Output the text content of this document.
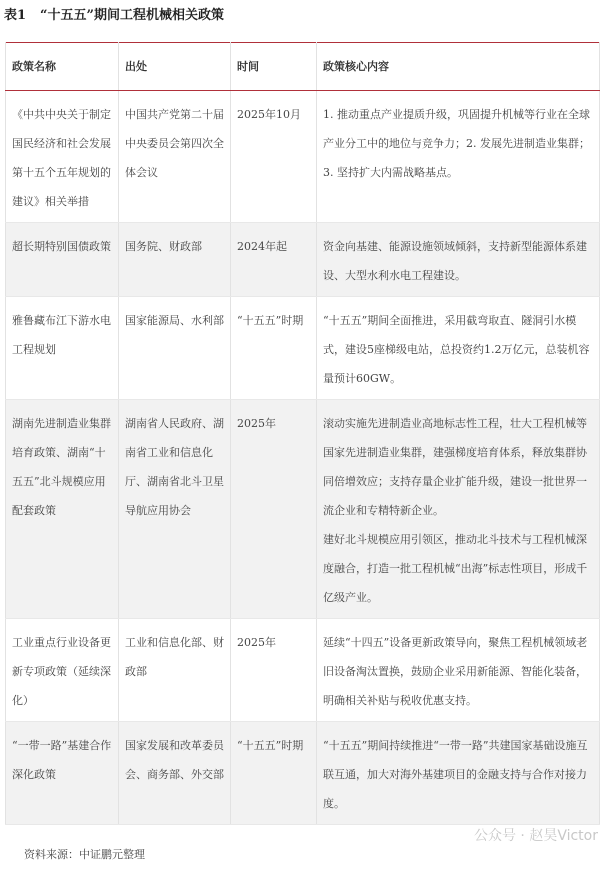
表1 “十五五”期间工程机械相关政策
政策名称	出处	时间	政策核心内容
《中共中央关于制定国民经济和社会发展第十五个五年规划的建议》相关举措	中国共产党第二十届中央委员会第四次全体会议	2025年10月	1. 推动重点产业提质升级，巩固提升机械等行业在全球产业分工中的地位与竞争力；2. 发展先进制造业集群；3. 坚持扩大内需战略基点。
超长期特别国债政策	国务院、财政部	2024年起	资金向基建、能源设施领域倾斜，支持新型能源体系建设、大型水利水电工程建设。
雅鲁藏布江下游水电工程规划	国家能源局、水利部	“十五五”时期	“十五五”期间全面推进，采用截弯取直、隧洞引水模式，建设5座梯级电站，总投资约1.2万亿元，总装机容量预计60GW。
湖南先进制造业集群培育政策、湖南“十五五”北斗规模应用配套政策	湖南省人民政府、湖南省工业和信息化厅、湖南省北斗卫星导航应用协会	2025年	滚动实施先进制造业高地标志性工程，壮大工程机械等国家先进制造业集群，建强梯度培育体系，释放集群协同倍增效应；支持存量企业扩能升级，建设一批世界一流企业和专精特新企业。
建好北斗规模应用引领区，推动北斗技术与工程机械深度融合，打造一批工程机械“出海”标志性项目，形成千亿级产业。

工业重点行业设备更新专项政策（延续深化）	工业和信息化部、财政部	2025年	延续“十四五”设备更新政策导向，聚焦工程机械领域老旧设备淘汰置换，鼓励企业采用新能源、智能化装备，明确相关补贴与税收优惠支持。
“一带一路”基建合作深化政策	国家发展和改革委员会、商务部、外交部	“十五五”时期	“十五五”期间持续推进“一带一路”共建国家基础设施互联互通，加大对海外基建项目的金融支持与合作对接力度。
公众号 · 赵昊Victor
资料来源：中证鹏元整理
